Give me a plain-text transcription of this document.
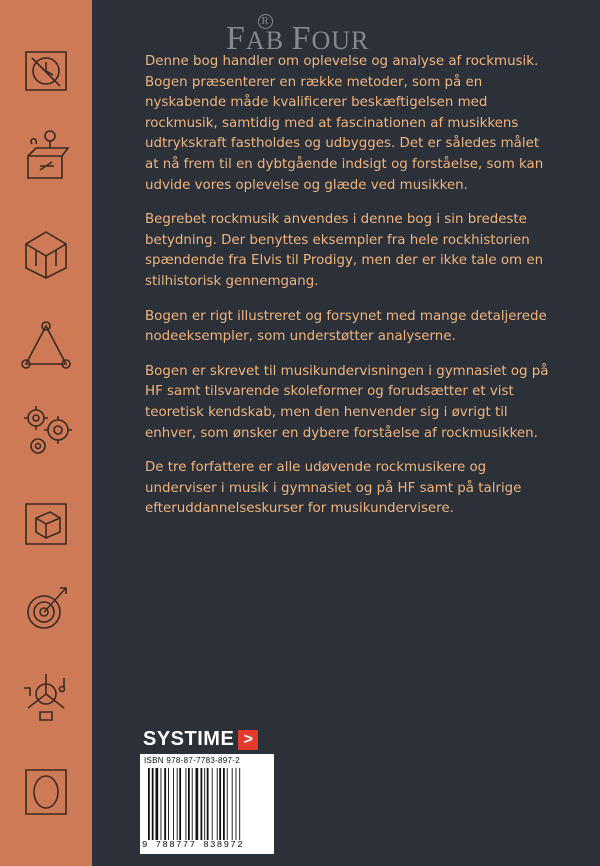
FAB FOUR
R

Denne bog handler om oplevelse og analyse af rockmusik. Bogen præsenterer en række metoder, som på en nyskabende måde kvalificerer beskæftigelsen med rockmusik, samtidig med at fascinationen af musikkens udtrykskraft fastholdes og udbygges. Det er således målet at nå frem til en dybtgående indsigt og forståelse, som kan udvide vores oplevelse og glæde ved musikken.

Begrebet rockmusik anvendes i denne bog i sin bredeste betydning. Der benyttes eksempler fra hele rockhistorien spændende fra Elvis til Prodigy, men der er ikke tale om en stilhistorisk gennemgang.

Bogen er rigt illustreret og forsynet med mange detaljerede nodeeksempler, som understøtter analyserne.

Bogen er skrevet til musikundervisningen i gymnasiet og på HF samt tilsvarende skoleformer og forudsætter et vist teoretisk kendskab, men den henvender sig i øvrigt til enhver, som ønsker en dybere forståelse af rockmusikken.

De tre forfattere er alle udøvende rockmusikere og underviser i musik i gymnasiet og på HF samt på talrige efteruddannelseskurser for musikundervisere.

SYSTIME >
ISBN 978-87-7783-897-2
9 788777 838972
